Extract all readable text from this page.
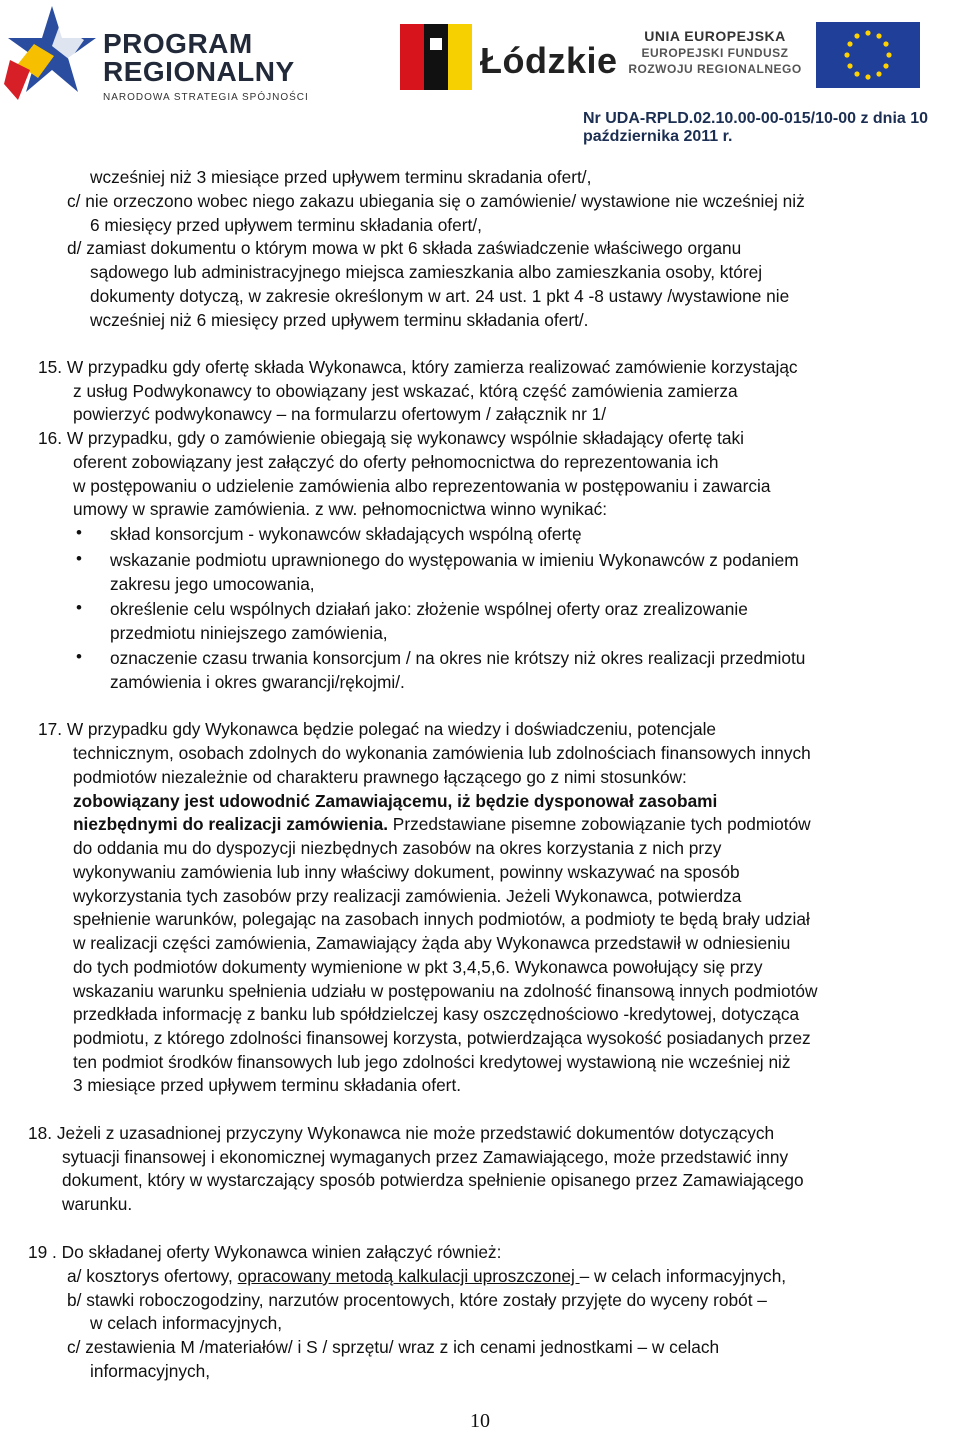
PROGRAM
REGIONALNY
NARODOWA STRATEGIA SPÓJNOŚCI
Łódzkie
UNIA EUROPEJSKA
EUROPEJSKI FUNDUSZ
ROZWOJU REGIONALNEGO
Nr UDA-RPLD.02.10.00-00-015/10-00 z dnia 10 października 2011 r.
wcześniej niż 3 miesiące przed upływem terminu skradania ofert/,
c/ nie orzeczono wobec niego zakazu ubiegania się o zamówienie/ wystawione nie wcześniej niż
6 miesięcy przed upływem terminu składania ofert/,
d/ zamiast dokumentu o którym mowa w pkt 6 składa zaświadczenie właściwego organu
sądowego lub administracyjnego miejsca zamieszkania albo zamieszkania osoby, której
dokumenty dotyczą, w zakresie określonym w art. 24 ust. 1 pkt 4 -8 ustawy /wystawione nie
wcześniej niż 6 miesięcy przed upływem terminu składania ofert/.
15. W przypadku gdy ofertę składa Wykonawca, który zamierza realizować zamówienie korzystając
z usług Podwykonawcy to obowiązany jest wskazać, którą część zamówienia zamierza
powierzyć podwykonawcy – na formularzu ofertowym / załącznik nr 1/
16. W przypadku, gdy o zamówienie obiegają się wykonawcy wspólnie składający ofertę taki
oferent zobowiązany jest załączyć do oferty pełnomocnictwa do reprezentowania ich
w postępowaniu o udzielenie zamówienia albo reprezentowania w postępowaniu i zawarcia
umowy w sprawie zamówienia. z ww. pełnomocnictwa winno wynikać:
• skład konsorcjum - wykonawców składających wspólną ofertę
• wskazanie podmiotu uprawnionego do występowania w imieniu Wykonawców z podaniem
zakresu jego umocowania,
• określenie celu wspólnych działań jako: złożenie wspólnej oferty oraz zrealizowanie
przedmiotu niniejszego zamówienia,
• oznaczenie czasu trwania konsorcjum / na okres nie krótszy niż okres realizacji przedmiotu
zamówienia i okres gwarancji/rękojmi/.
17. W przypadku gdy Wykonawca będzie polegać na wiedzy i doświadczeniu, potencjale
technicznym, osobach zdolnych do wykonania zamówienia lub zdolnościach finansowych innych
podmiotów niezależnie od charakteru prawnego łączącego go z nimi stosunków:
zobowiązany jest udowodnić Zamawiającemu, iż będzie dysponował zasobami
niezbędnymi do realizacji zamówienia. Przedstawiane pisemne zobowiązanie tych podmiotów
do oddania mu do dyspozycji niezbędnych zasobów na okres korzystania z nich przy
wykonywaniu zamówienia lub inny właściwy dokument, powinny wskazywać na sposób
wykorzystania tych zasobów przy realizacji zamówienia. Jeżeli Wykonawca, potwierdza
spełnienie warunków, polegając na zasobach innych podmiotów, a podmioty te będą brały udział
w realizacji części zamówienia, Zamawiający żąda aby Wykonawca przedstawił w odniesieniu
do tych podmiotów dokumenty wymienione w pkt 3,4,5,6. Wykonawca powołujący się przy
wskazaniu warunku spełnienia udziału w postępowaniu na zdolność finansową innych podmiotów
przedkłada informację z banku lub spółdzielczej kasy oszczędnościowo -kredytowej, dotycząca
podmiotu, z którego zdolności finansowej korzysta, potwierdzająca wysokość posiadanych przez
ten podmiot środków finansowych lub jego zdolności kredytowej wystawioną nie wcześniej niż
3 miesiące przed upływem terminu składania ofert.
18. Jeżeli z uzasadnionej przyczyny Wykonawca nie może przedstawić dokumentów dotyczących
sytuacji finansowej i ekonomicznej wymaganych przez Zamawiającego, może przedstawić inny
dokument, który w wystarczający sposób potwierdza spełnienie opisanego przez Zamawiającego
warunku.
19 . Do składanej oferty Wykonawca winien załączyć również:
a/ kosztorys ofertowy, opracowany metodą kalkulacji uproszczonej – w celach informacyjnych,
b/ stawki roboczogodziny, narzutów procentowych, które zostały przyjęte do wyceny robót –
w celach informacyjnych,
c/ zestawienia M /materiałów/ i S / sprzętu/ wraz z ich cenami jednostkami – w celach
informacyjnych,
10
